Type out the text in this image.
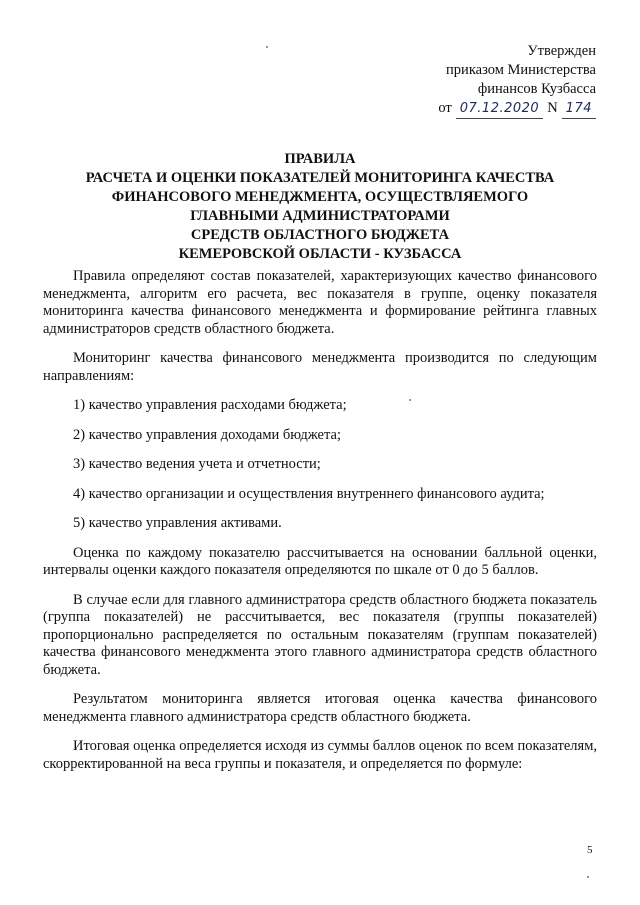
Утвержден
приказом Министерства
финансов Кузбасса
от 07.12.2020 N 174
ПРАВИЛА
РАСЧЕТА И ОЦЕНКИ ПОКАЗАТЕЛЕЙ МОНИТОРИНГА КАЧЕСТВА
ФИНАНСОВОГО МЕНЕДЖМЕНТА, ОСУЩЕСТВЛЯЕМОГО
ГЛАВНЫМИ АДМИНИСТРАТОРАМИ
СРЕДСТВ ОБЛАСТНОГО БЮДЖЕТА
КЕМЕРОВСКОЙ ОБЛАСТИ - КУЗБАССА

Правила определяют состав показателей, характеризующих качество финансового менеджмента, алгоритм его расчета, вес показателя в группе, оценку показателя мониторинга качества финансового менеджмента и формирование рейтинга главных администраторов средств областного бюджета.

Мониторинг качества финансового менеджмента производится по следующим направлениям:

1) качество управления расходами бюджета;

2) качество управления доходами бюджета;

3) качество ведения учета и отчетности;

4) качество организации и осуществления внутреннего финансового аудита;

5) качество управления активами.

Оценка по каждому показателю рассчитывается на основании балльной оценки, интервалы оценки каждого показателя определяются по шкале от 0 до 5 баллов.

В случае если для главного администратора средств областного бюджета показатель (группа показателей) не рассчитывается, вес показателя (группы показателей) пропорционально распределяется по остальным показателям (группам показателей) качества финансового менеджмента этого главного администратора средств областного бюджета.

Результатом мониторинга является итоговая оценка качества финансового менеджмента главного администратора средств областного бюджета.

Итоговая оценка определяется исходя из суммы баллов оценок по всем показателям, скорректированной на веса группы и показателя, и определяется по формуле:

5
